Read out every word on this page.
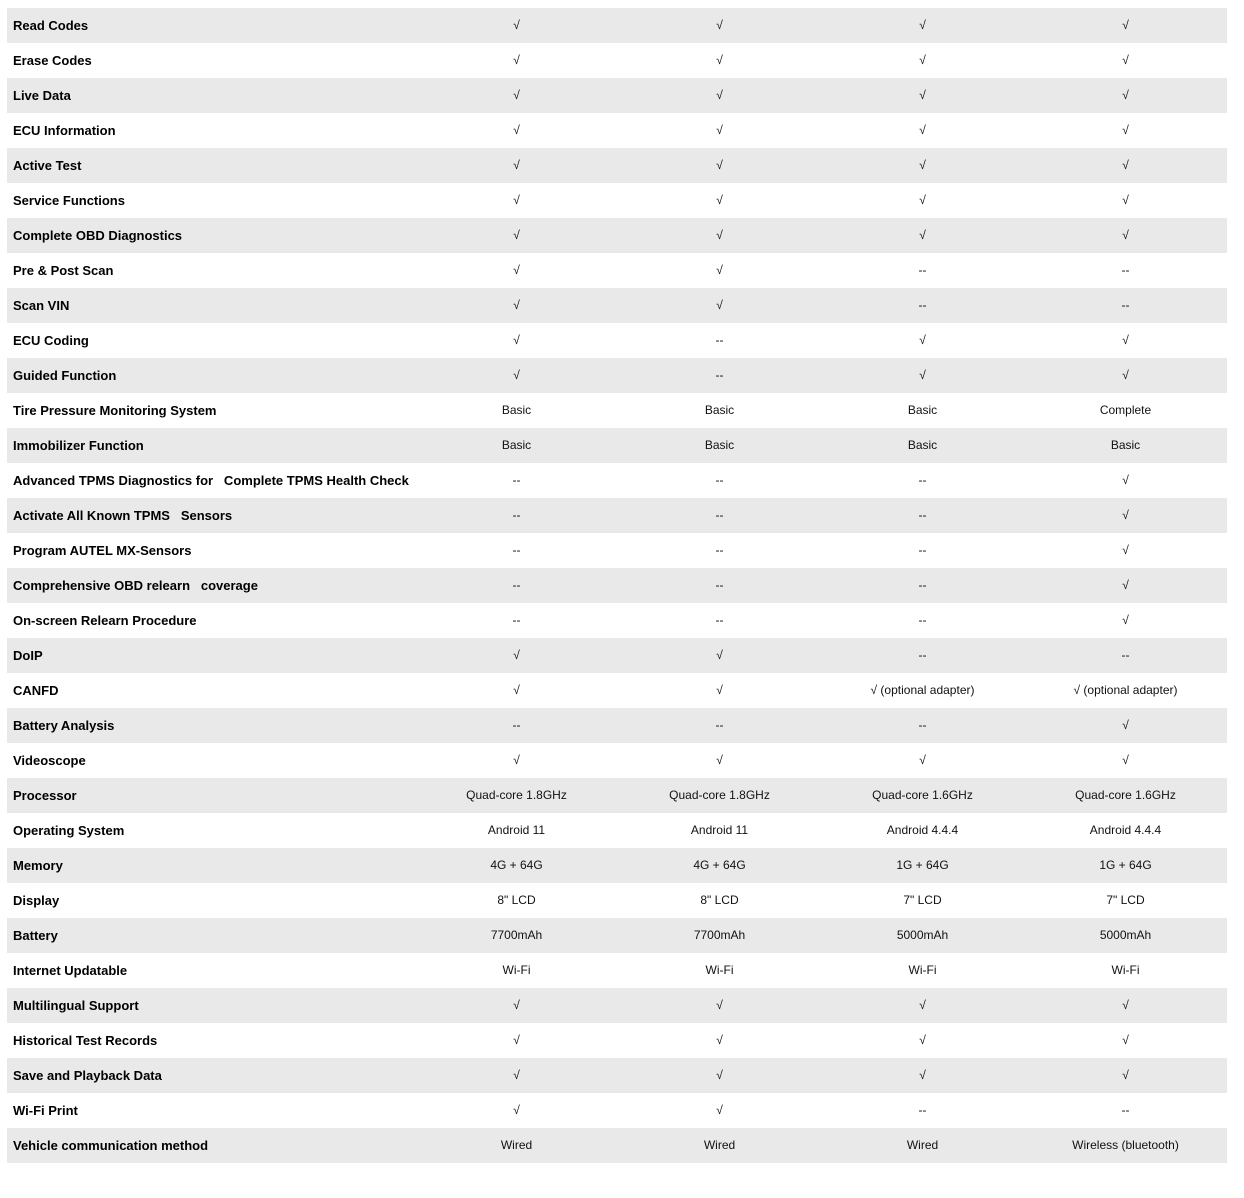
Read Codes	√	√	√	√
Erase Codes	√	√	√	√
Live Data	√	√	√	√
ECU Information	√	√	√	√
Active Test	√	√	√	√
Service Functions	√	√	√	√
Complete OBD Diagnostics	√	√	√	√
Pre & Post Scan	√	√	--	--
Scan VIN	√	√	--	--
ECU Coding	√	--	√	√
Guided Function	√	--	√	√
Tire Pressure Monitoring System	Basic	Basic	Basic	Complete
Immobilizer Function	Basic	Basic	Basic	Basic
Advanced TPMS Diagnostics for   Complete TPMS Health Check	--	--	--	√
Activate All Known TPMS   Sensors	--	--	--	√
Program AUTEL MX-Sensors	--	--	--	√
Comprehensive OBD relearn   coverage	--	--	--	√
On-screen Relearn Procedure	--	--	--	√
DoIP	√	√	--	--
CANFD	√	√	√ (optional adapter)	√ (optional adapter)
Battery Analysis	--	--	--	√
Videoscope	√	√	√	√
Processor	Quad-core 1.8GHz	Quad-core 1.8GHz	Quad-core 1.6GHz	Quad-core 1.6GHz
Operating System	Android 11	Android 11	Android 4.4.4	Android 4.4.4
Memory	4G + 64G	4G + 64G	1G + 64G	1G + 64G
Display	8" LCD	8" LCD	7" LCD	7" LCD
Battery	7700mAh	7700mAh	5000mAh	5000mAh
Internet Updatable	Wi-Fi	Wi-Fi	Wi-Fi	Wi-Fi
Multilingual Support	√	√	√	√
Historical Test Records	√	√	√	√
Save and Playback Data	√	√	√	√
Wi-Fi Print	√	√	--	--
Vehicle communication method	Wired	Wired	Wired	Wireless (bluetooth)
